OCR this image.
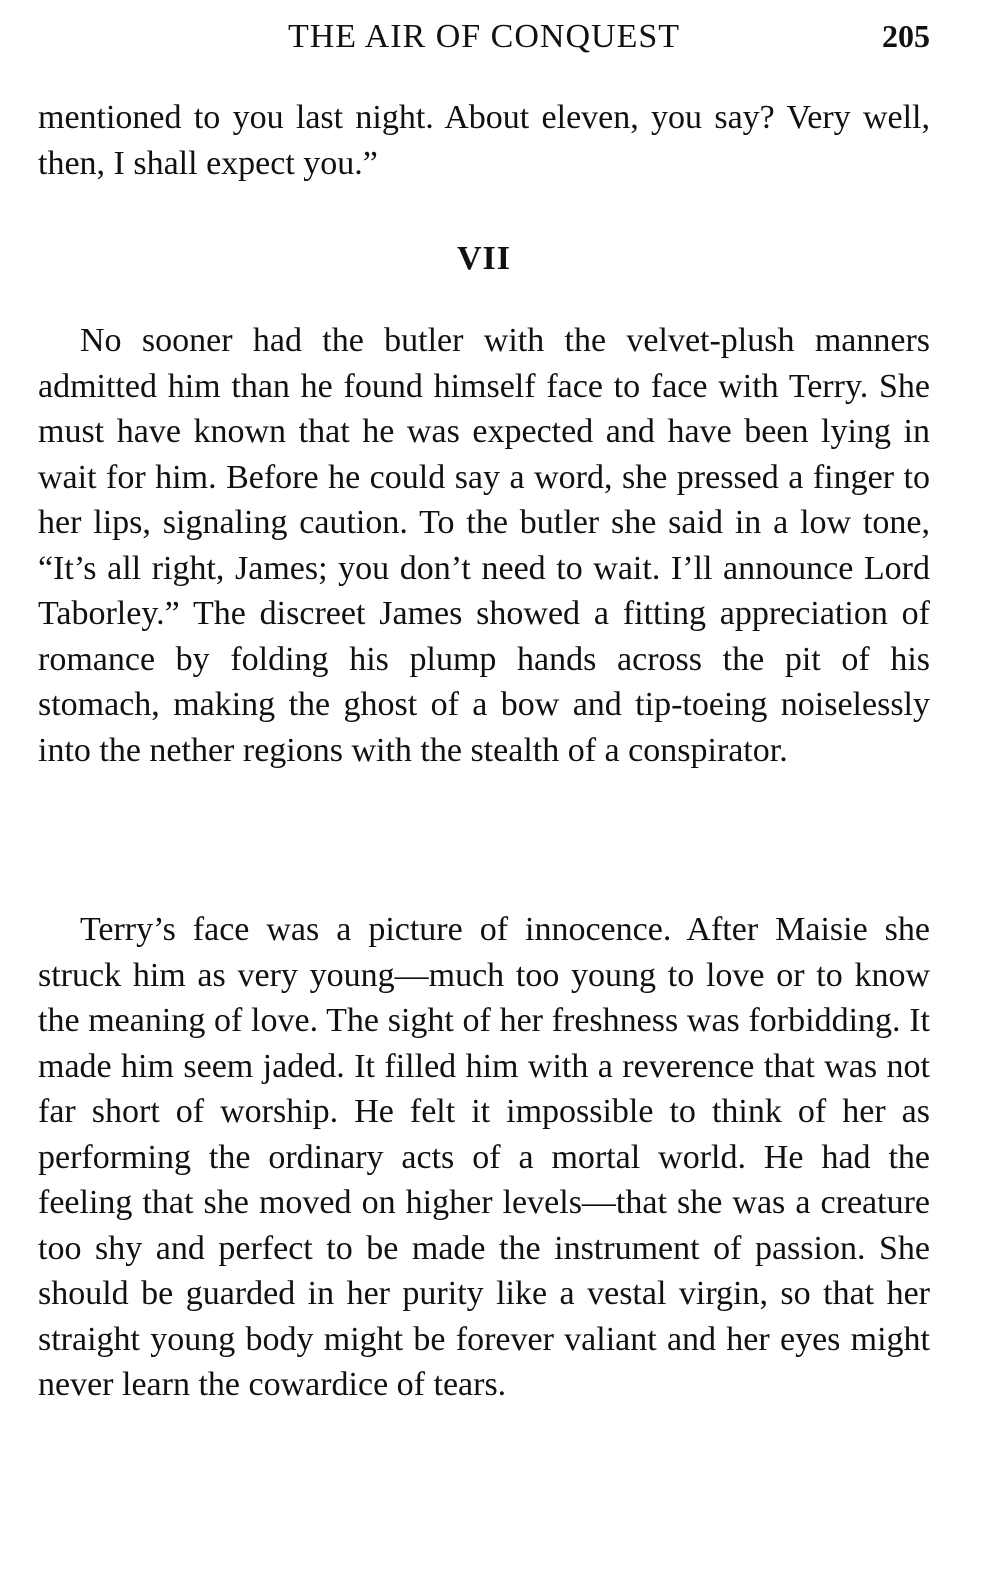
THE AIR OF CONQUEST	205

mentioned to you last night. About eleven, you say? Very well, then, I shall expect you.”

VII

No sooner had the butler with the velvet-plush manners admitted him than he found himself face to face with Terry. She must have known that he was expected and have been lying in wait for him. Before he could say a word, she pressed a finger to her lips, signaling caution. To the butler she said in a low tone, “It’s all right, James; you don’t need to wait. I’ll announce Lord Taborley.” The discreet James showed a fitting appreciation of romance by folding his plump hands across the pit of his stomach, making the ghost of a bow and tip-toeing noiselessly into the nether regions with the stealth of a conspirator.

Terry’s face was a picture of innocence. After Maisie she struck him as very young—much too young to love or to know the meaning of love. The sight of her freshness was forbidding. It made him seem jaded. It filled him with a reverence that was not far short of worship. He felt it impossible to think of her as performing the ordinary acts of a mortal world. He had the feeling that she moved on higher levels—that she was a creature too shy and perfect to be made the instrument of passion. She should be guarded in her purity like a vestal virgin, so that her straight young body might be forever valiant and her eyes might never learn the cowardice of tears.
